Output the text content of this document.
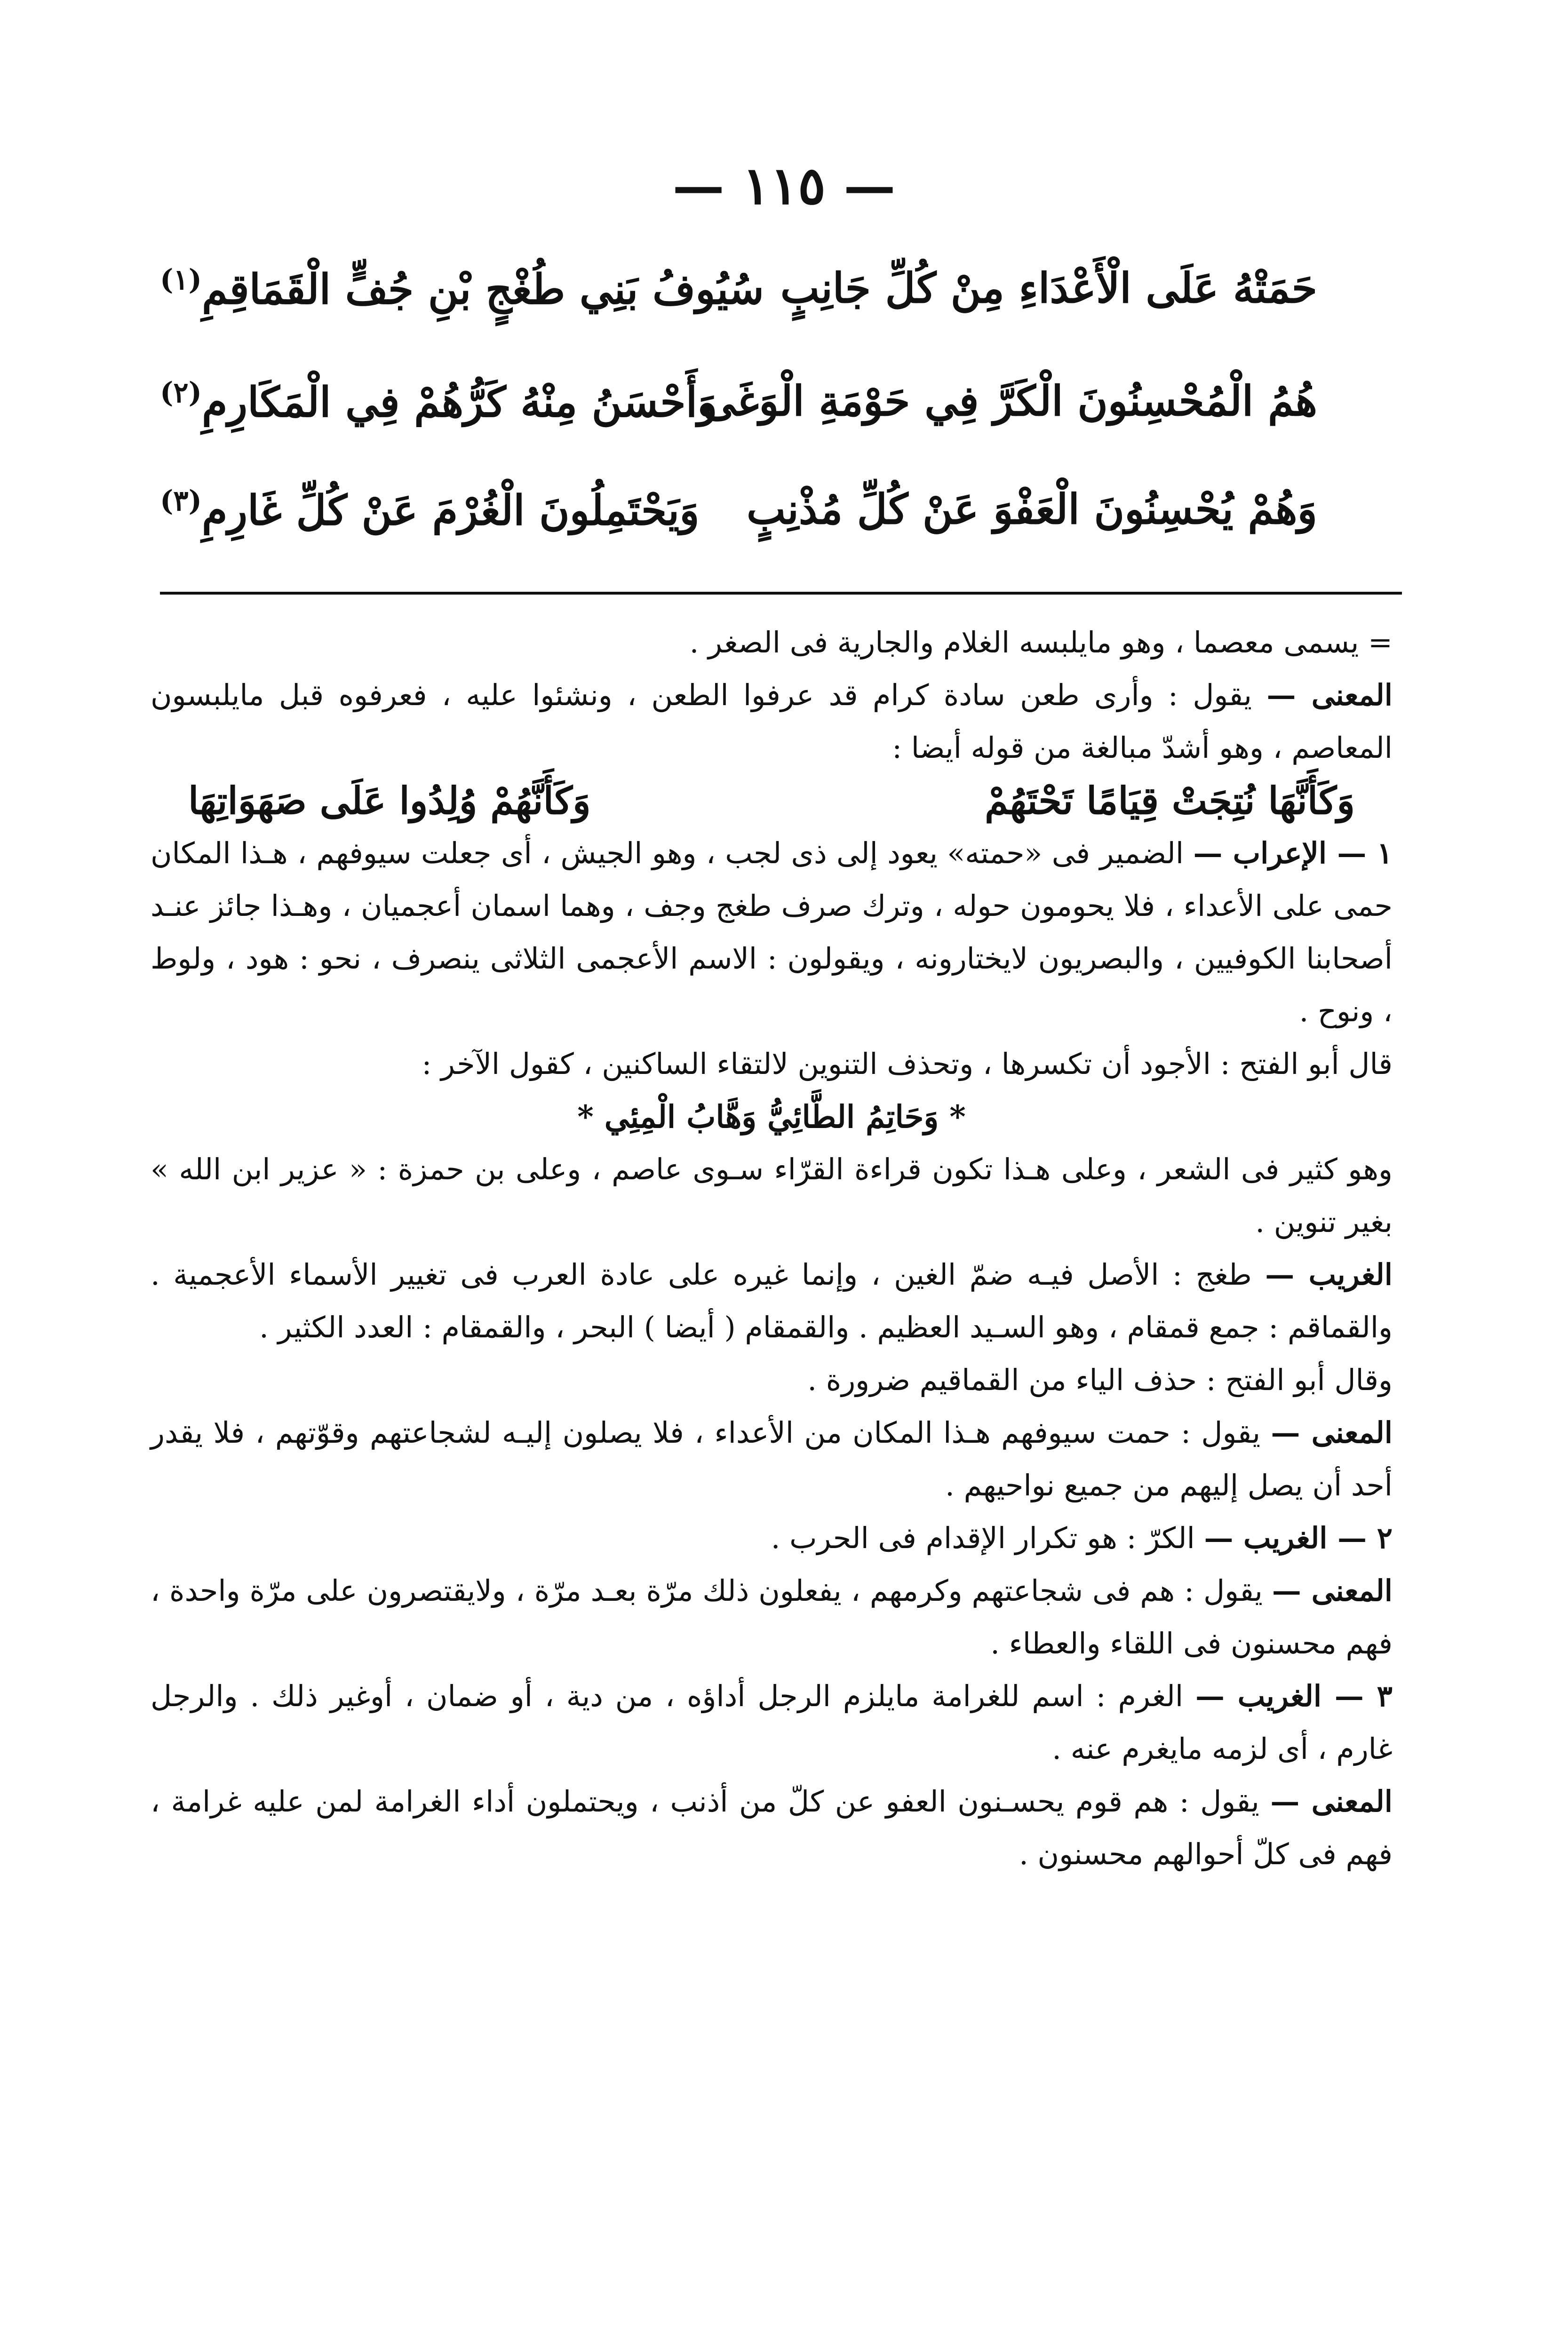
— ١١٥ —
حَمَتْهُ عَلَى الْأَعْدَاءِ مِنْ كُلِّ جَانِبٍ
سُيُوفُ بَنِي طُغْجٍ بْنِ جُفٍّ الْقَمَاقِمِ$^{(١)}$
هُمُ الْمُحْسِنُونَ الْكَرَّ فِي حَوْمَةِ الْوَغَى
وَأَحْسَنُ مِنْهُ كَرُّهُمْ فِي الْمَكَارِمِ$^{(٢)}$
وَهُمْ يُحْسِنُونَ الْعَفْوَ عَنْ كُلِّ مُذْنِبٍ
وَيَحْتَمِلُونَ الْغُرْمَ عَنْ كُلِّ غَارِمِ$^{(٣)}$

= يسمى معصما ، وهو مايلبسه الغلام والجارية فى الصغر .

المعنى — يقول : وأرى طعن سادة كرام قد عرفوا الطعن ، ونشئوا عليه ، فعرفوه قبل مايلبسون المعاصم ، وهو أشدّ مبالغة من قوله أيضا :

وَكَأَنَّهَا نُتِجَتْ قِيَامًا تَحْتَهُمْ
وَكَأَنَّهُمْ وُلِدُوا عَلَى صَهَوَاتِهَا

١ — الإعراب — الضمير فى «حمته» يعود إلى ذى لجب ، وهو الجيش ، أى جعلت سيوفهم ، هـذا المكان حمى على الأعداء ، فلا يحومون حوله ، وترك صرف طغج وجف ، وهما اسمان أعجميان ، وهـذا جائز عنـد أصحابنا الكوفيين ، والبصريون لايختارونه ، ويقولون : الاسم الأعجمى الثلاثى ينصرف ، نحو : هود ، ولوط ، ونوح .

قال أبو الفتح : الأجود أن تكسرها ، وتحذف التنوين لالتقاء الساكنين ، كقول الآخر :

* وَحَاتِمُ الطَّائِيُّ وَهَّابُ الْمِئِي *

وهو كثير فى الشعر ، وعلى هـذا تكون قراءة القرّاء سـوى عاصم ، وعلى بن حمزة : « عزير ابن الله » بغير تنوين .

الغريب — طغج : الأصل فيـه ضمّ الغين ، وإنما غيره على عادة العرب فى تغيير الأسماء الأعجمية . والقماقم : جمع قمقام ، وهو السـيد العظيم . والقمقام ( أيضا ) البحر ، والقمقام : العدد الكثير .

وقال أبو الفتح : حذف الياء من القماقيم ضرورة .

المعنى — يقول : حمت سيوفهم هـذا المكان من الأعداء ، فلا يصلون إليـه لشجاعتهم وقوّتهم ، فلا يقدر أحد أن يصل إليهم من جميع نواحيهم .

٢ — الغريب — الكرّ : هو تكرار الإقدام فى الحرب .

المعنى — يقول : هم فى شجاعتهم وكرمهم ، يفعلون ذلك مرّة بعـد مرّة ، ولايقتصرون على مرّة واحدة ، فهم محسنون فى اللقاء والعطاء .

٣ — الغريب — الغرم : اسم للغرامة مايلزم الرجل أداؤه ، من دية ، أو ضمان ، أوغير ذلك . والرجل غارم ، أى لزمه مايغرم عنه .

المعنى — يقول : هم قوم يحسـنون العفو عن كلّ من أذنب ، ويحتملون أداء الغرامة لمن عليه غرامة ، فهم فى كلّ أحوالهم محسنون .
